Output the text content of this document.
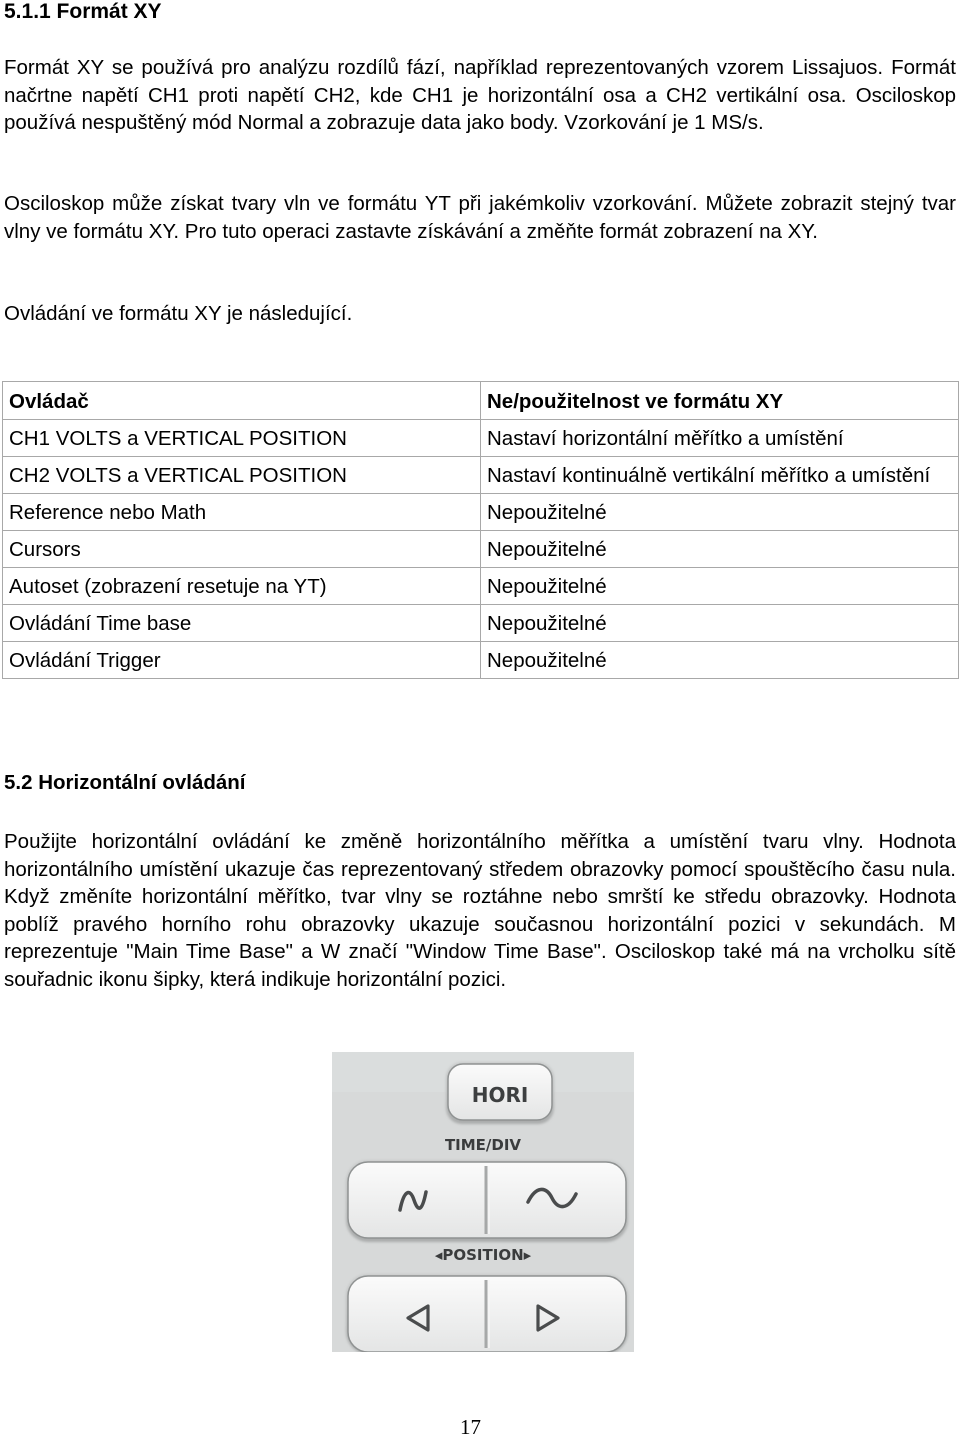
5.1.1 Formát XY
Formát XY se používá pro analýzu rozdílů fází, například reprezentovaných vzorem Lissajuos. Formát načrtne napětí CH1 proti napětí CH2, kde CH1 je horizontální osa a CH2 vertikální osa. Osciloskop používá nespuštěný mód Normal a zobrazuje data jako body. Vzorkování je 1 MS/s.
Osciloskop může získat tvary vln ve formátu YT při jakémkoliv vzorkování. Můžete zobrazit stejný tvar vlny ve formátu XY. Pro tuto operaci zastavte získávání a změňte formát zobrazení na XY.
Ovládání ve formátu XY je následující.
Ovládač	Ne/použitelnost ve formátu XY
CH1 VOLTS a VERTICAL POSITION	Nastaví horizontální měřítko a umístění
CH2 VOLTS a VERTICAL POSITION	Nastaví kontinuálně vertikální měřítko a umístění
Reference nebo Math	Nepoužitelné
Cursors	Nepoužitelné
Autoset (zobrazení resetuje na YT)	Nepoužitelné
Ovládání Time base	Nepoužitelné
Ovládání Trigger	Nepoužitelné
5.2 Horizontální ovládání
Použijte horizontální ovládání ke změně horizontálního měřítka a umístění tvaru vlny. Hodnota horizontálního umístění ukazuje čas reprezentovaný středem obrazovky pomocí spouštěcího času nula. Když změníte horizontální měřítko, tvar vlny se roztáhne nebo smrští ke středu obrazovky. Hodnota poblíž pravého horního rohu obrazovky ukazuje současnou horizontální pozici v sekundách. M reprezentuje "Main Time Base" a W značí "Window Time Base". Osciloskop také má na vrcholku sítě souřadnic ikonu šipky, která indikuje horizontální pozici.
HORI
TIME/DIV
◂POSITION▸
17
